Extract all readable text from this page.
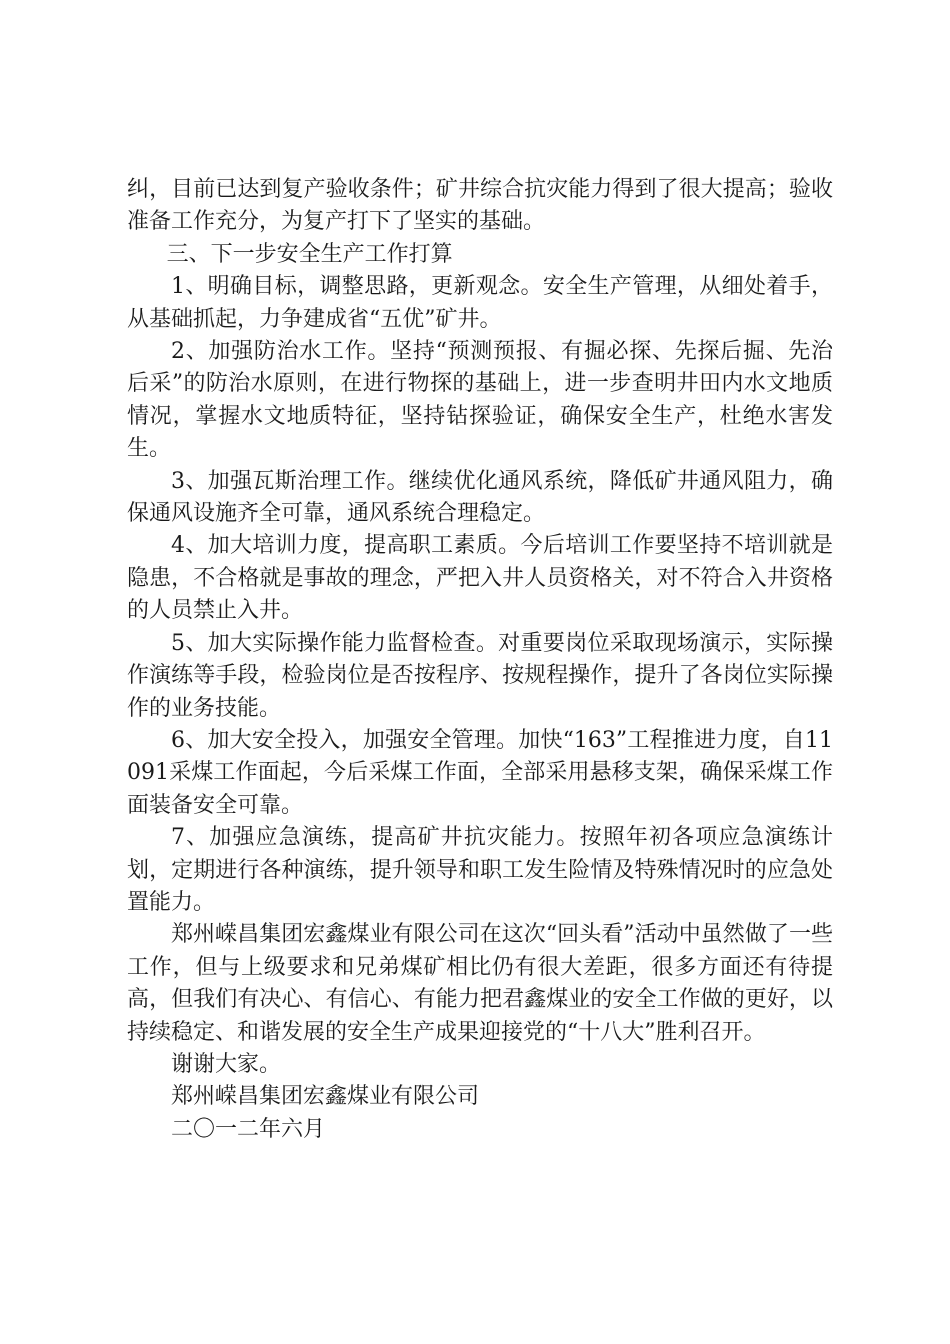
纠，目前已达到复产验收条件；矿井综合抗灾能力得到了很大提高；验收准备工作充分，为复产打下了坚实的基础。

三、下一步安全生产工作打算

1、明确目标，调整思路，更新观念。安全生产管理，从细处着手，从基础抓起，力争建成省“五优”矿井。

2、加强防治水工作。坚持“预测预报、有掘必探、先探后掘、先治后采”的防治水原则，在进行物探的基础上，进一步查明井田内水文地质情况，掌握水文地质特征，坚持钻探验证，确保安全生产，杜绝水害发生。

3、加强瓦斯治理工作。继续优化通风系统，降低矿井通风阻力，确保通风设施齐全可靠，通风系统合理稳定。

4、加大培训力度，提高职工素质。今后培训工作要坚持不培训就是隐患，不合格就是事故的理念，严把入井人员资格关，对不符合入井资格的人员禁止入井。

5、加大实际操作能力监督检查。对重要岗位采取现场演示，实际操作演练等手段，检验岗位是否按程序、按规程操作，提升了各岗位实际操作的业务技能。

6、加大安全投入，加强安全管理。加快“163”工程推进力度，自11091采煤工作面起，今后采煤工作面，全部采用悬移支架，确保采煤工作面装备安全可靠。

7、加强应急演练，提高矿井抗灾能力。按照年初各项应急演练计划，定期进行各种演练，提升领导和职工发生险情及特殊情况时的应急处置能力。

郑州嵘昌集团宏鑫煤业有限公司在这次“回头看”活动中虽然做了一些工作，但与上级要求和兄弟煤矿相比仍有很大差距，很多方面还有待提高，但我们有决心、有信心、有能力把君鑫煤业的安全工作做的更好，以持续稳定、和谐发展的安全生产成果迎接党的“十八大”胜利召开。

谢谢大家。

郑州嵘昌集团宏鑫煤业有限公司

二〇一二年六月
